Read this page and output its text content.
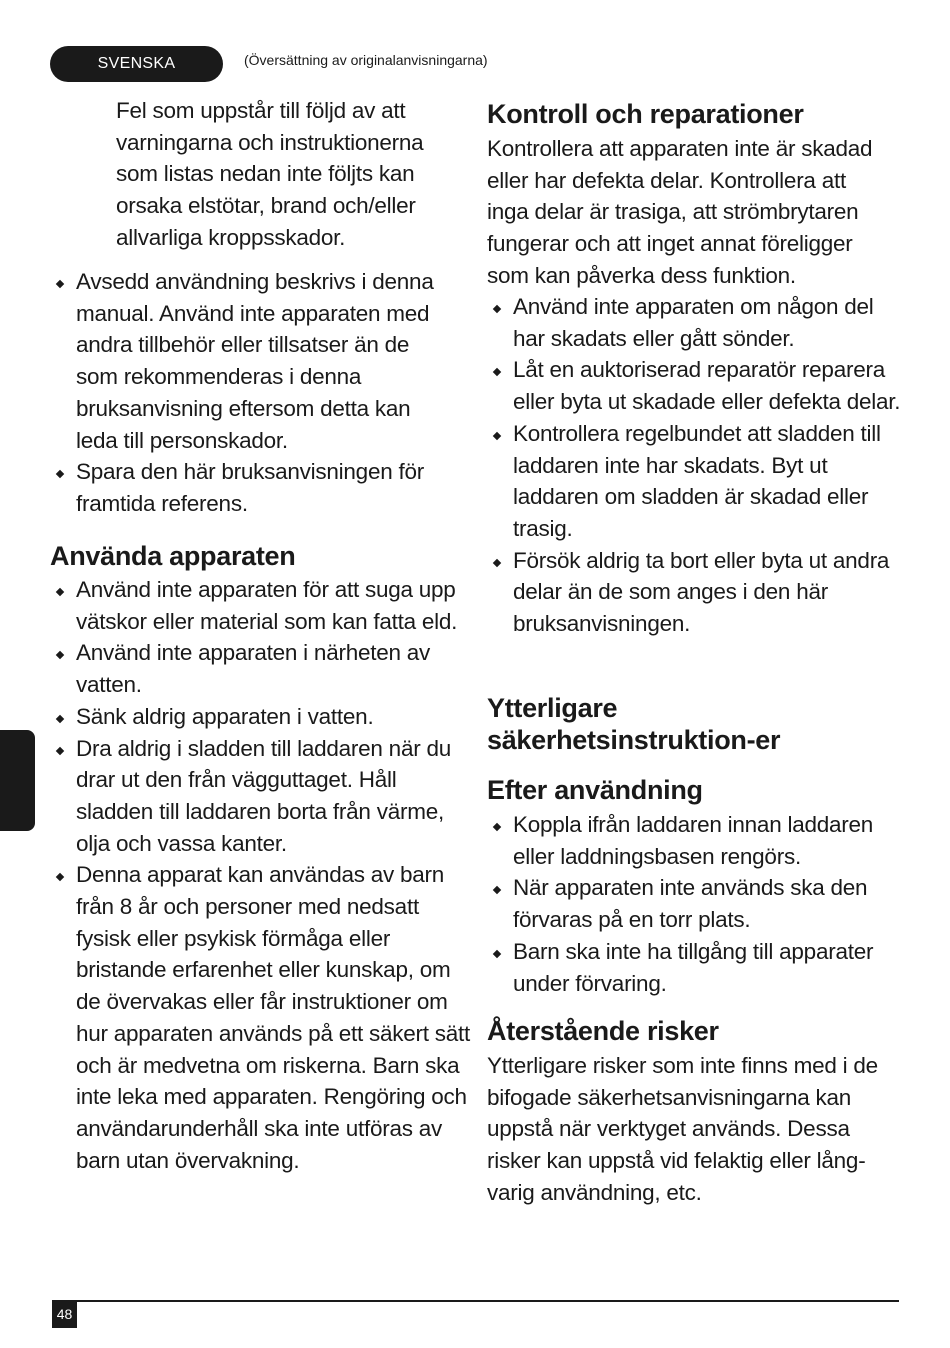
SVENSKA	(Översättning av originalanvisningarna)

Fel som uppstår till följd av att varningarna och instruktionerna som listas nedan inte följts kan orsaka elstötar, brand och/eller allvarliga kroppsskador.

Avsedd användning beskrivs i denna manual. Använd inte apparaten med andra tillbehör eller tillsatser än de som rekommenderas i denna bruksanvisning eftersom detta kan leda till personskador.
Spara den här bruksanvisningen för framtida referens.
Använda apparaten
Använd inte apparaten för att suga upp vätskor eller material som kan fatta eld.
Använd inte apparaten i närheten av vatten.
Sänk aldrig apparaten i vatten.
Dra aldrig i sladden till laddaren när du drar ut den från vägguttaget. Håll sladden till laddaren borta från värme, olja och vassa kanter.
Denna apparat kan användas av barn från 8 år och personer med nedsatt fysisk eller psykisk förmåga eller bristande erfarenhet eller kunskap, om de övervakas eller får instruktioner om hur apparaten används på ett säkert sätt och är medvetna om riskerna. Barn ska inte leka med apparaten. Rengöring och användarunderhåll ska inte utföras av barn utan övervakning.
Kontroll och reparationer

Kontrollera att apparaten inte är skadad eller har defekta delar. Kontrollera att inga delar är trasiga, att strömbrytaren fungerar och att inget annat föreligger som kan påverka dess funktion.

Använd inte apparaten om någon del har skadats eller gått sönder.
Låt en auktoriserad reparatör reparera eller byta ut skadade eller defekta delar.
Kontrollera regelbundet att sladden till laddaren inte har skadats. Byt ut laddaren om sladden är skadad eller trasig.
Försök aldrig ta bort eller byta ut andra delar än de som anges i den här bruksanvisningen.
Ytterligare säkerhetsinstruktion-er
Efter användning
Koppla ifrån laddaren innan laddaren eller laddningsbasen rengörs.
När apparaten inte används ska den förvaras på en torr plats.
Barn ska inte ha tillgång till apparater under förvaring.
Återstående risker

Ytterligare risker som inte finns med i de bifogade säkerhetsanvisningarna kan uppstå när verktyget används. Dessa risker kan uppstå vid felaktig eller lång-varig användning, etc.

48
